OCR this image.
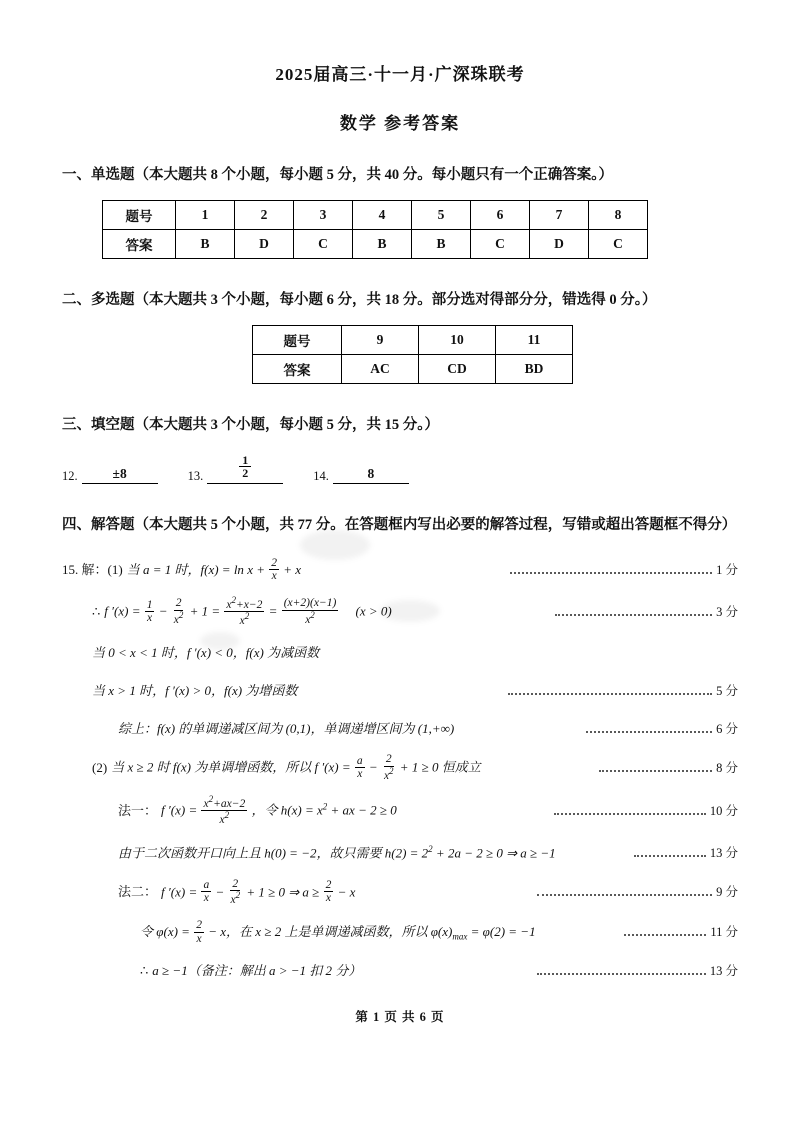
2025届高三·十一月·广深珠联考
数学 参考答案
一、单选题（本大题共 8 个小题，每小题 5 分，共 40 分。每小题只有一个正确答案。）
题号	1	2	3	4	5	6	7	8
答案	B	D	C	B	B	C	D	C
二、多选题（本大题共 3 个小题，每小题 6 分，共 18 分。部分选对得部分分，错选得 0 分。）
题号	9	10	11
答案	AC	CD	BD
三、填空题（本大题共 3 个小题，每小题 5 分，共 15 分。）
12.	±8	13.	$\frac{1}{2}$	14.	8
四、解答题（本大题共 5 个小题，共 77 分。在答题框内写出必要的解答过程，写错或超出答题框不得分）
15. 解：(1) 当 a = 1 时，$f(x) = \ln x + \frac{2}{x} + x$	1 分
∴ f $'(x) = \frac{1}{x} - \frac{2}{x^2} + 1 = \frac{x^2+x-2}{x^2} = \frac{(x+2)(x-1)}{x^2} (x > 0)$	3 分
当 0 < x < 1 时，f ′(x) < 0，f(x) 为减函数
当 x > 1 时，f ′(x) > 0，f(x) 为增函数	5 分
综上：f(x) 的单调递减区间为 (0,1)，单调递增区间为 (1,+∞)	6 分
(2) 当 x ≥ 2 时 f(x) 为单调增函数，所以 f $'(x) = \frac{a}{x} - \frac{2}{x^2} + 1 \ge 0$ 恒成立	8 分
法一： f $'(x) = \frac{x^2+ax-2}{x^2}$ ，令 $h(x) = x^2$ + ax − 2 ≥ 0	10 分
由于二次函数开口向上且 h(0) = −2，故只需要 $h(2) = 2^2 + 2a - 2 \ge 0$ ⇒ a ≥ −1	13 分
法二： f $'(x) = \frac{a}{x} - \frac{2}{x^2} + 1 \ge 0$ ⇒ $a \ge \frac{2}{x} - x$	9 分
令 $\varphi(x) = \frac{2}{x} - x$，在 x ≥ 2 上是单调递减函数，所以 $\varphi(x)_{max} = \varphi(2) = -1$	11 分
∴ a ≥ −1（备注：解出 a > −1 扣 2 分）	13 分
第 1 页 共 6 页
